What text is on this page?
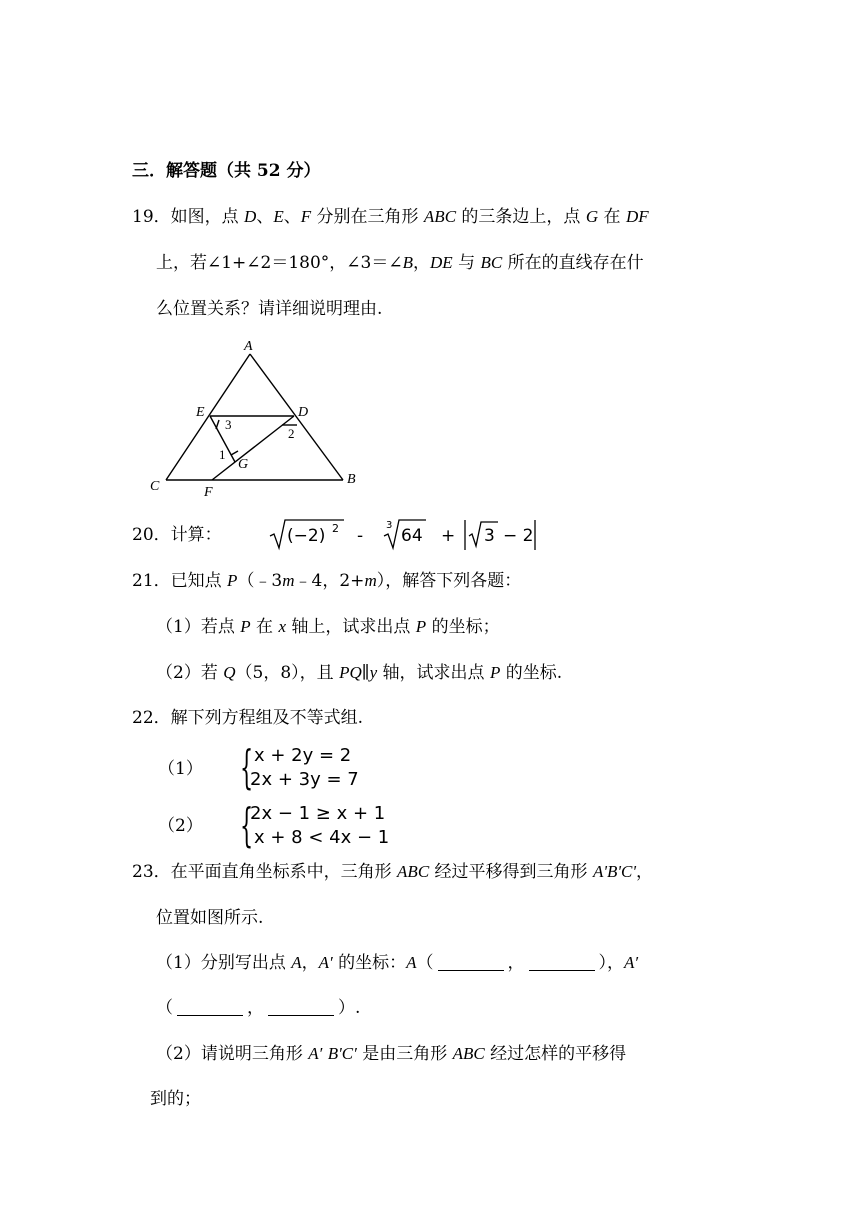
三．解答题（共 52 分）
19．如图，点 D、E、F 分别在三角形 ABC 的三条边上，点 G 在 DF
上，若∠1+∠2＝180°，∠3＝∠B，DE 与 BC 所在的直线存在什
么位置关系？请详细说明理由.
A
E	D
C	F
B
G
1
2
3
20．计算：	(−2) 2 -
3
64 + 3 − 2
21．已知点 P（﹣3m﹣4，2+m），解答下列各题：
（1）若点 P 在 x 轴上，试求出点 P 的坐标；
（2）若 Q（5，8），且 PQ∥y 轴，试求出点 P 的坐标.
22．解下列方程组及不等式组.
（1） { x + 2y = 2
2x + 3y = 7
（2） {
2x − 1 ≥ x + 1
x + 8 < 4x − 1
23．在平面直角坐标系中，三角形 ABC 经过平移得到三角形 A'B'C'，
位置如图所示.
（1）分别写出点 A，A′ 的坐标：A（	，	），A′
（	，	）.
（2）请说明三角形 A′ B'C′ 是由三角形 ABC 经过怎样的平移得
到的；
